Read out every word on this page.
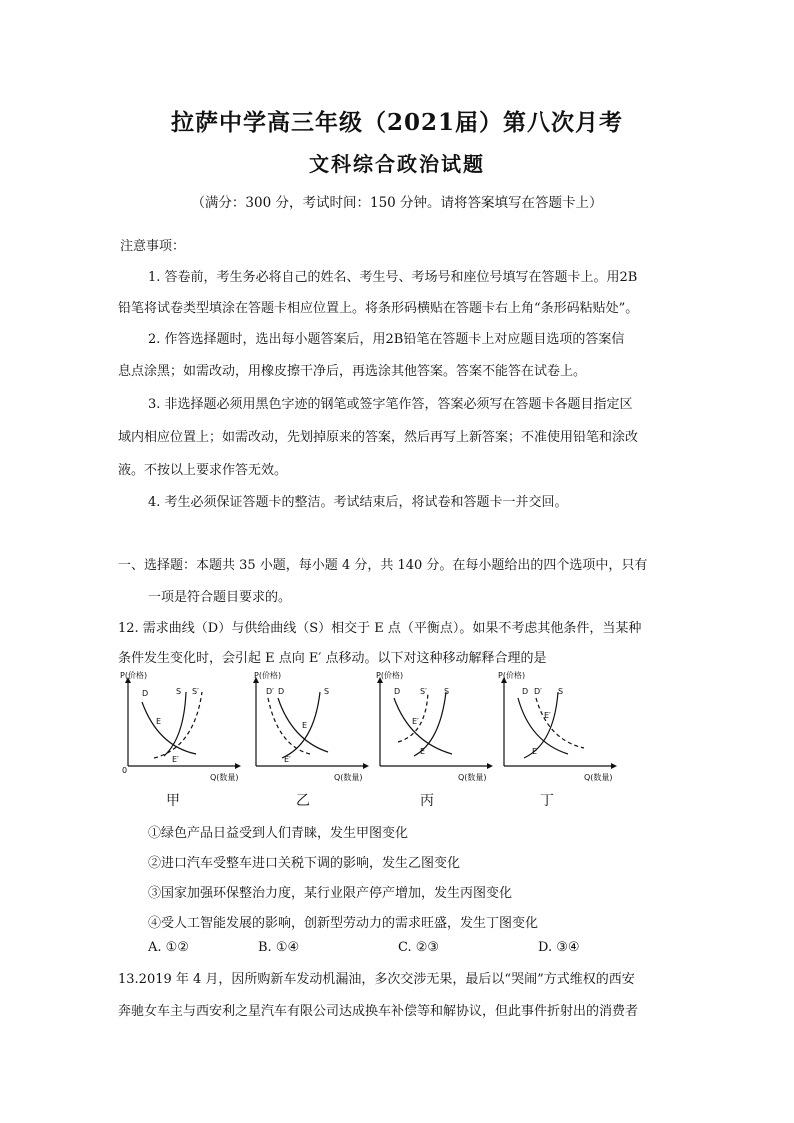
拉萨中学高三年级（2021届）第八次月考
文科综合政治试题
（满分：300 分，考试时间：150 分钟。请将答案填写在答题卡上）
注意事项：
1. 答卷前，考生务必将自己的姓名、考生号、考场号和座位号填写在答题卡上。用2B
铅笔将试卷类型填涂在答题卡相应位置上。将条形码横贴在答题卡右上角“条形码粘贴处”。
2. 作答选择题时，选出每小题答案后，用2B铅笔在答题卡上对应题目选项的答案信
息点涂黑；如需改动，用橡皮擦干净后，再选涂其他答案。答案不能答在试卷上。
3. 非选择题必须用黑色字迹的钢笔或签字笔作答，答案必须写在答题卡各题目指定区
域内相应位置上；如需改动，先划掉原来的答案，然后再写上新答案；不准使用铅笔和涂改
液。不按以上要求作答无效。
4. 考生必须保证答题卡的整洁。考试结束后，将试卷和答题卡一并交回。
一、选择题：本题共 35 小题，每小题 4 分，共 140 分。在每小题给出的四个选项中，只有
一项是符合题目要求的。
12. 需求曲线（D）与供给曲线（S）相交于 E 点（平衡点）。如果不考虑其他条件，当某种
条件发生变化时，会引起 E 点向 E′ 点移动。以下对这种移动解释合理的是
P(价格)
0
Q(数量)
D	S S′
E
E′
P(价格)
Q(数量)
D′ D	S
E
E′
P(价格)
Q(数量)
D S′ S
E′
E
P(价格)
Q(数量)
D D′ S
E′
E
甲	乙	丙	丁
①绿色产品日益受到人们青睐，发生甲图变化
②进口汽车受整车进口关税下调的影响，发生乙图变化
③国家加强环保整治力度，某行业限产停产增加，发生丙图变化
④受人工智能发展的影响，创新型劳动力的需求旺盛，发生丁图变化
A. ①②	B. ①④	C. ②③	D. ③④
13.2019 年 4 月，因所购新车发动机漏油，多次交涉无果，最后以“哭闹”方式维权的西安
奔驰女车主与西安利之星汽车有限公司达成换车补偿等和解协议，但此事件折射出的消费者
